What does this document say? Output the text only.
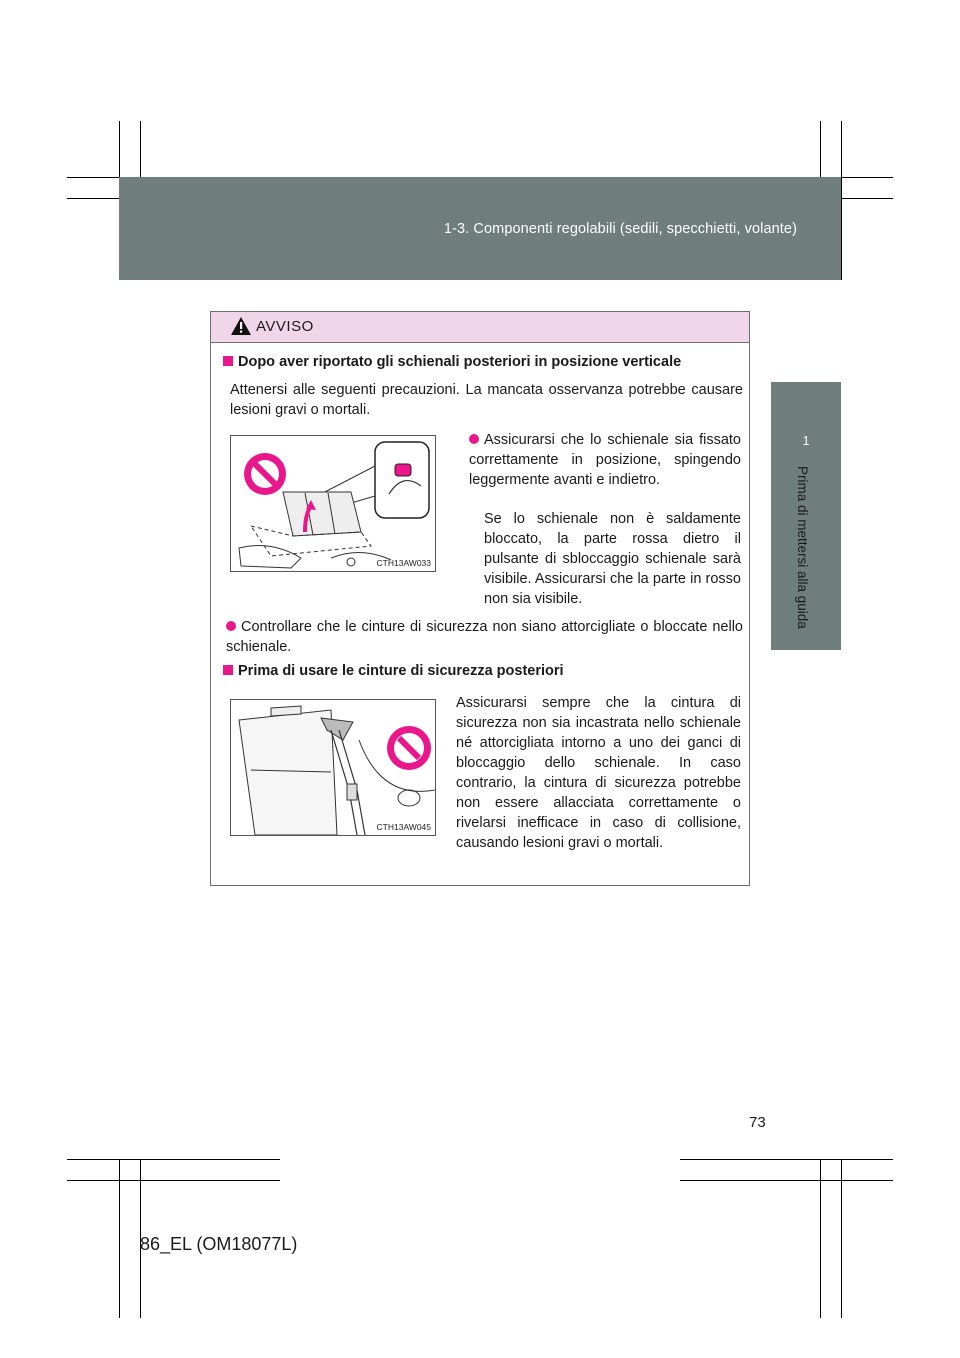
1-3. Componenti regolabili (sedili, specchietti, volante)
1
Prima di mettersi alla guida
AVVISO
Dopo aver riportato gli schienali posteriori in posizione verticale
Attenersi alle seguenti precauzioni. La mancata osservanza potrebbe causare lesioni gravi o mortali.
CTH13AW033
Assicurarsi che lo schienale sia fissato correttamente in posizione, spingendo leggermente avanti e indietro.
Se lo schienale non è saldamente bloccato, la parte rossa dietro il pulsante di sbloccaggio schienale sarà visibile. Assicurarsi che la parte in rosso non sia visibile.
Controllare che le cinture di sicurezza non siano attorcigliate o bloccate nello schienale.
Prima di usare le cinture di sicurezza posteriori
CTH13AW045
Assicurarsi sempre che la cintura di sicurezza non sia incastrata nello schienale né attorcigliata intorno a uno dei ganci di bloccaggio dello schienale. In caso contrario, la cintura di sicurezza potrebbe non essere allacciata correttamente o rivelarsi inefficace in caso di collisione, causando lesioni gravi o mortali.
73
86_EL (OM18077L)
